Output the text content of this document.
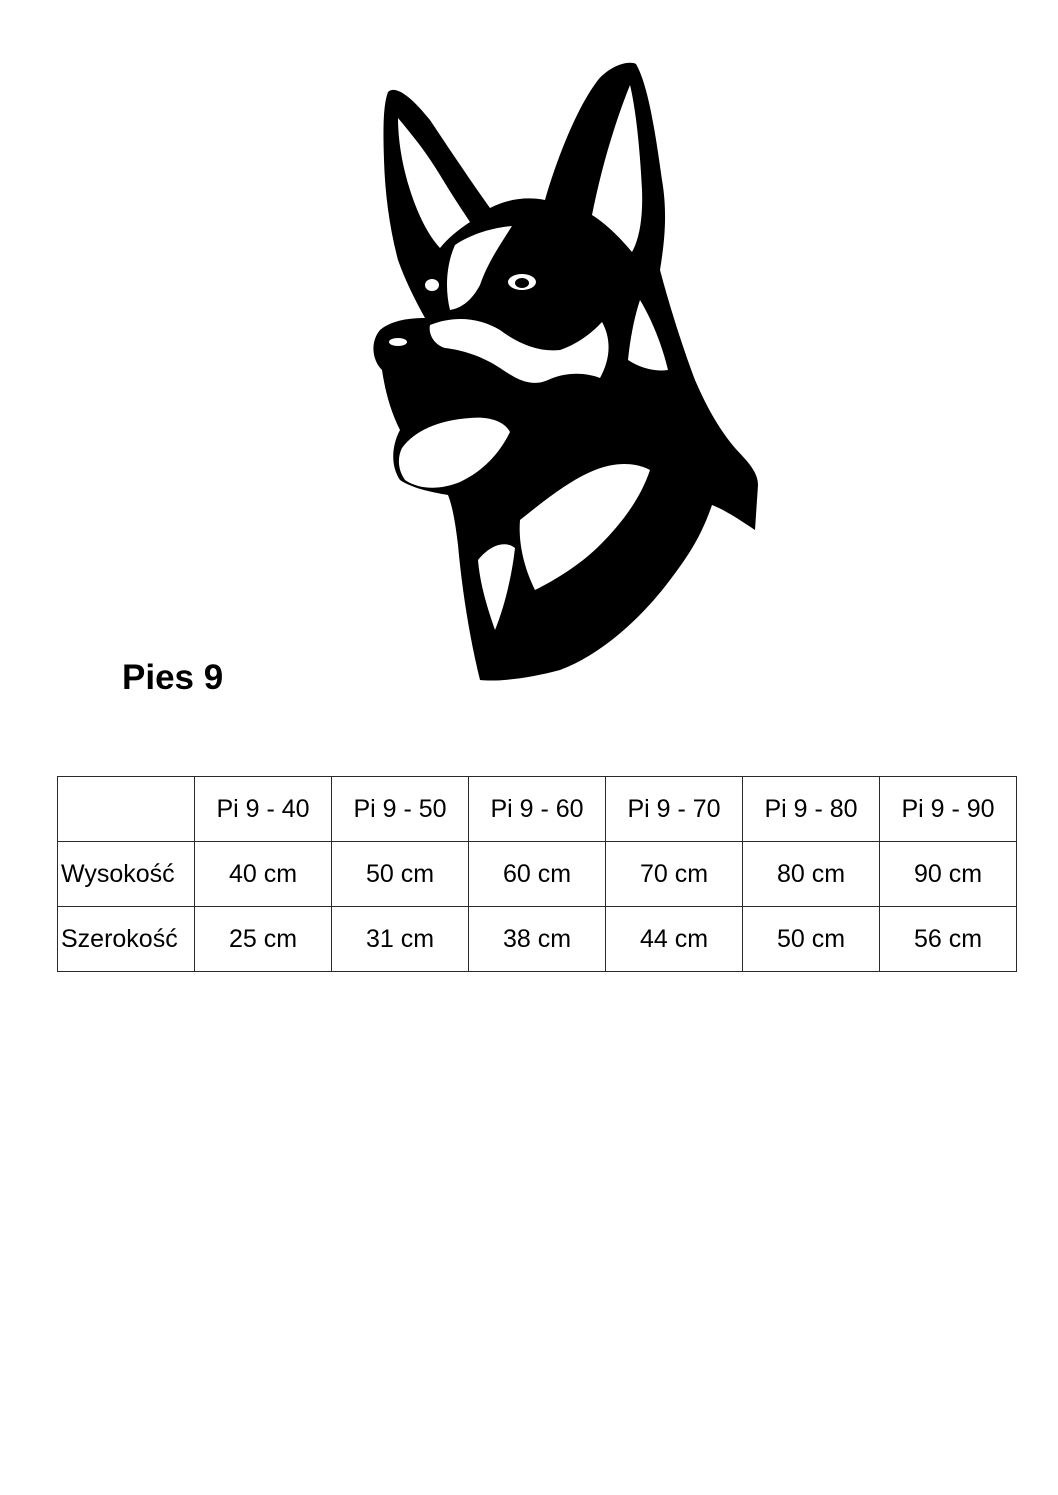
Pies 9
	Pi 9 - 40	Pi 9 - 50	Pi 9 - 60	Pi 9 - 70	Pi 9 - 80	Pi 9 - 90
Wysokość	40 cm	50 cm	60 cm	70 cm	80 cm	90 cm
Szerokość	25 cm	31 cm	38 cm	44 cm	50 cm	56 cm
